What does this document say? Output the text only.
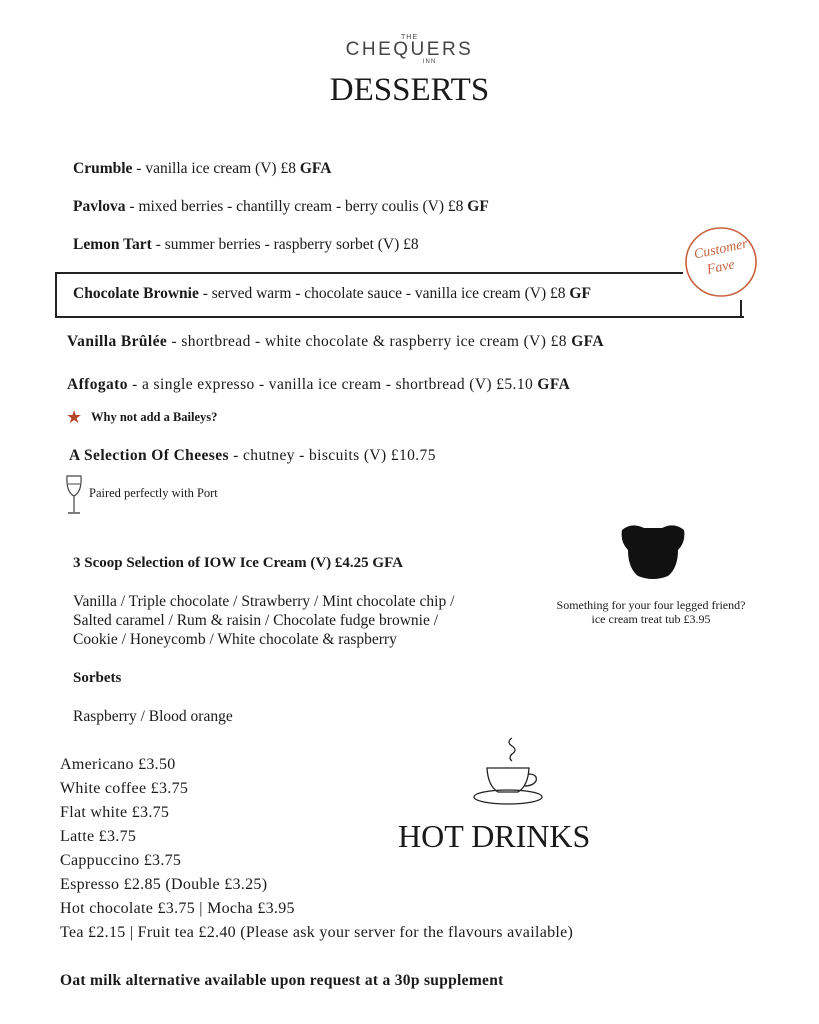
THE
CHEQUERS
INN
DESSERTS
Crumble - vanilla ice cream (V) £8 GFA
Pavlova - mixed berries - chantilly cream - berry coulis (V) £8 GF
Lemon Tart - summer berries - raspberry sorbet (V) £8
Chocolate Brownie - served warm - chocolate sauce - vanilla ice cream (V) £8 GF
Vanilla Brûlée - shortbread - white chocolate & raspberry ice cream (V) £8 GFA
Affogato - a single expresso - vanilla ice cream - shortbread (V) £5.10 GFA
A Selection Of Cheeses - chutney - biscuits (V) £10.75
Customer
Fave
★ Why not add a Baileys?
Paired perfectly with Port
3 Scoop Selection of IOW Ice Cream (V) £4.25 GFA
Vanilla / Triple chocolate / Strawberry / Mint chocolate chip /
Salted caramel / Rum & raisin / Chocolate fudge brownie /
Cookie / Honeycomb / White chocolate & raspberry
Sorbets
Raspberry / Blood orange
Something for your four legged friend?
ice cream treat tub £3.95
HOT DRINKS
Americano £3.50
White coffee £3.75
Flat white £3.75
Latte £3.75
Cappuccino £3.75
Espresso £2.85 (Double £3.25)
Hot chocolate £3.75 | Mocha £3.95
Tea £2.15 | Fruit tea £2.40 (Please ask your server for the flavours available)
Oat milk alternative available upon request at a 30p supplement
